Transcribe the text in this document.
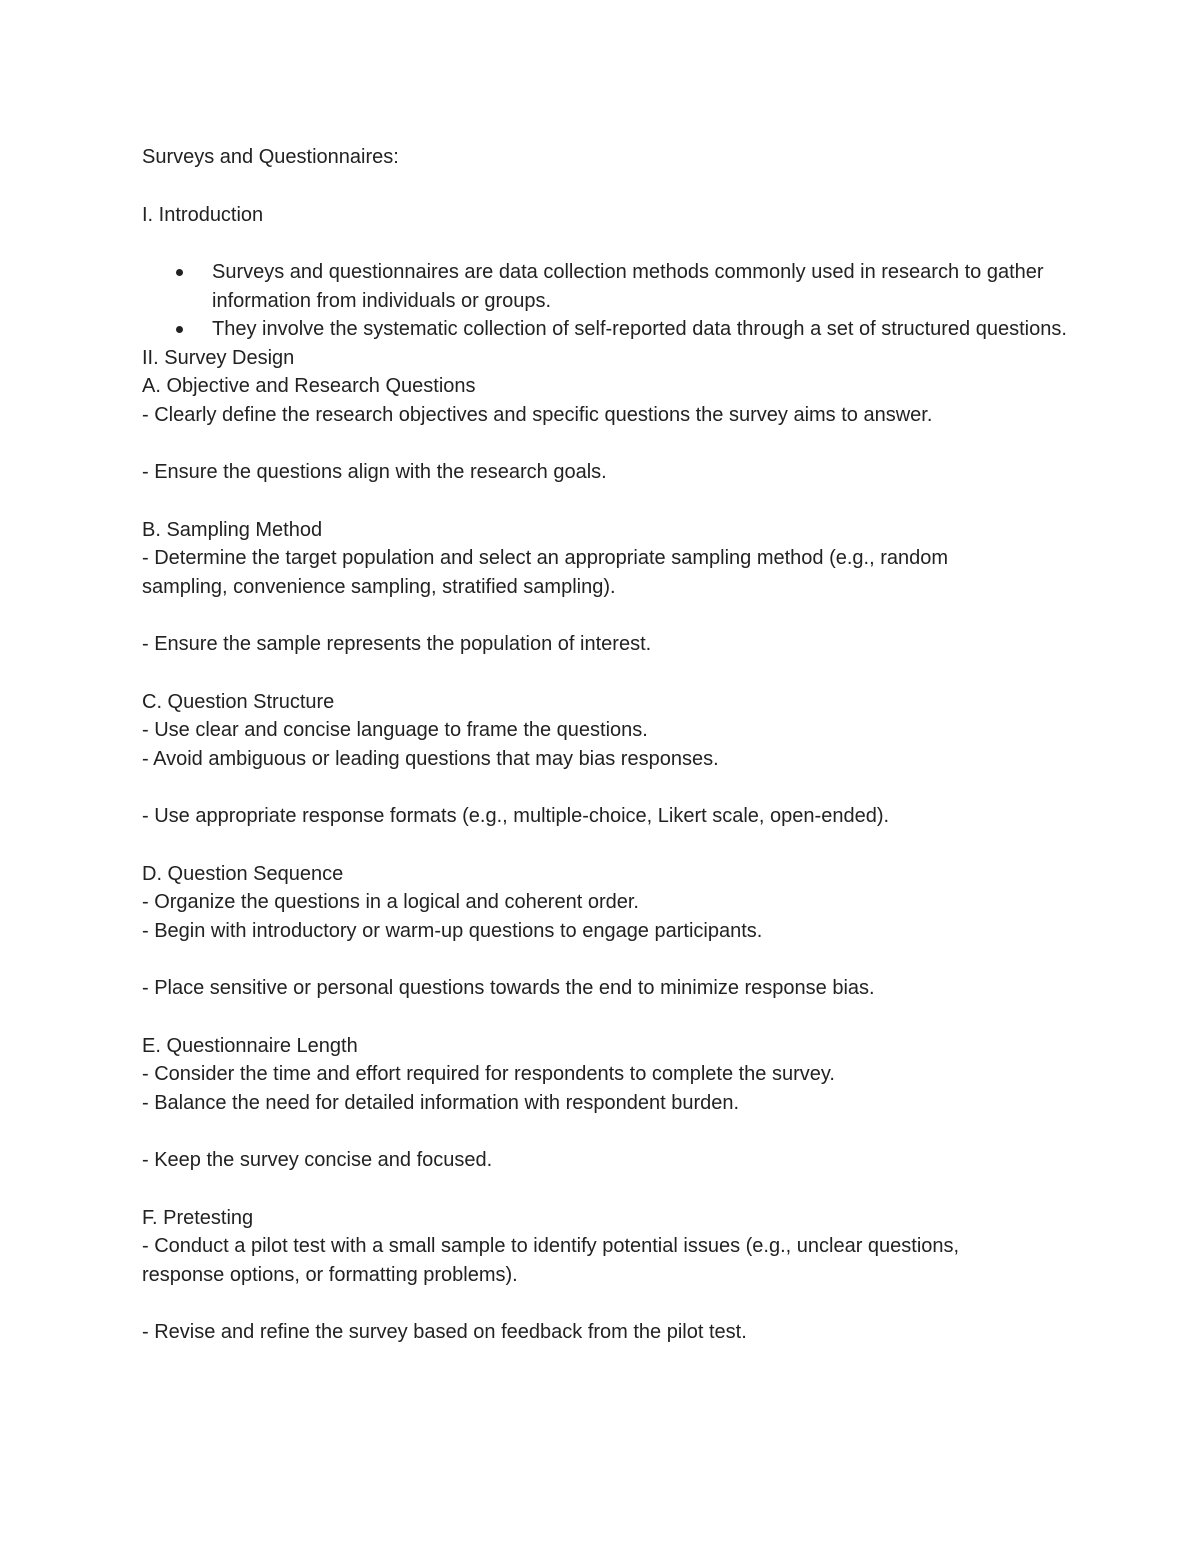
Surveys and Questionnaires:

I. Introduction

Surveys and questionnaires are data collection methods commonly used in research to gather information from individuals or groups.
They involve the systematic collection of self-reported data through a set of structured questions.

II. Survey Design

A. Objective and Research Questions

- Clearly define the research objectives and specific questions the survey aims to answer.

- Ensure the questions align with the research goals.

B. Sampling Method

- Determine the target population and select an appropriate sampling method (e.g., random

sampling, convenience sampling, stratified sampling).

- Ensure the sample represents the population of interest.

C. Question Structure

- Use clear and concise language to frame the questions.

- Avoid ambiguous or leading questions that may bias responses.

- Use appropriate response formats (e.g., multiple-choice, Likert scale, open-ended).

D. Question Sequence

- Organize the questions in a logical and coherent order.

- Begin with introductory or warm-up questions to engage participants.

- Place sensitive or personal questions towards the end to minimize response bias.

E. Questionnaire Length

- Consider the time and effort required for respondents to complete the survey.

- Balance the need for detailed information with respondent burden.

- Keep the survey concise and focused.

F. Pretesting

- Conduct a pilot test with a small sample to identify potential issues (e.g., unclear questions,

response options, or formatting problems).

- Revise and refine the survey based on feedback from the pilot test.
